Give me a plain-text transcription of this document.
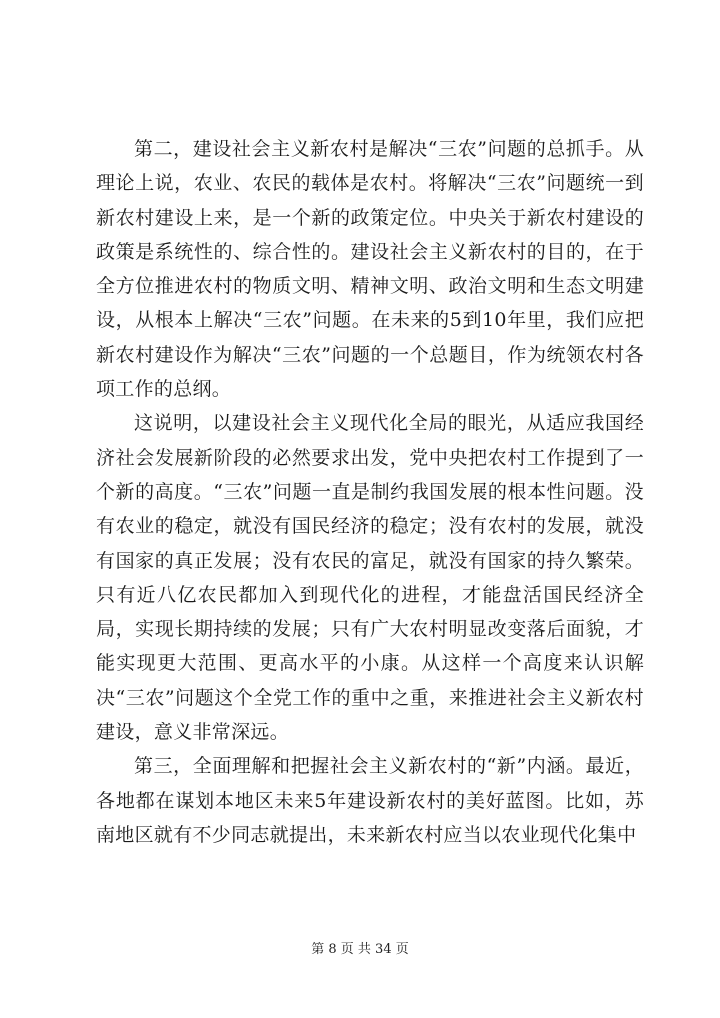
第二，建设社会主义新农村是解决“三农”问题的总抓手。从理论上说，农业、农民的载体是农村。将解决“三农”问题统一到新农村建设上来，是一个新的政策定位。中央关于新农村建设的政策是系统性的、综合性的。建设社会主义新农村的目的，在于全方位推进农村的物质文明、精神文明、政治文明和生态文明建设，从根本上解决“三农”问题。在未来的5到10年里，我们应把新农村建设作为解决“三农”问题的一个总题目，作为统领农村各项工作的总纲。

这说明，以建设社会主义现代化全局的眼光，从适应我国经济社会发展新阶段的必然要求出发，党中央把农村工作提到了一个新的高度。“三农”问题一直是制约我国发展的根本性问题。没有农业的稳定，就没有国民经济的稳定；没有农村的发展，就没有国家的真正发展；没有农民的富足，就没有国家的持久繁荣。只有近八亿农民都加入到现代化的进程，才能盘活国民经济全局，实现长期持续的发展；只有广大农村明显改变落后面貌，才能实现更大范围、更高水平的小康。从这样一个高度来认识解决“三农”问题这个全党工作的重中之重，来推进社会主义新农村建设，意义非常深远。

第三，全面理解和把握社会主义新农村的“新”内涵。最近，各地都在谋划本地区未来5年建设新农村的美好蓝图。比如，苏南地区就有不少同志就提出，未来新农村应当以农业现代化集中

第 8 页 共 34 页
